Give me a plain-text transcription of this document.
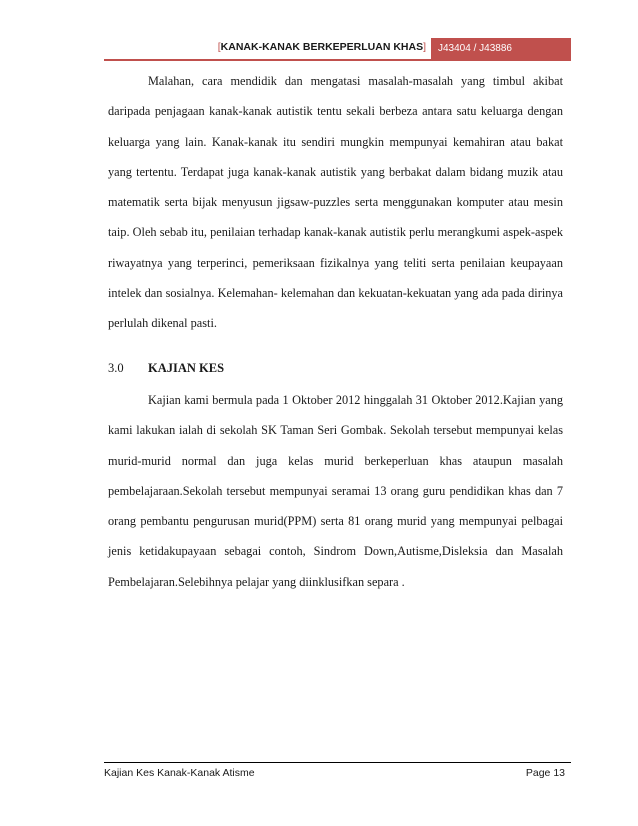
[KANAK-KANAK BERKEPERLUAN KHAS]	J43404 / J43886
Malahan, cara mendidik dan mengatasi masalah-masalah yang timbul akibat daripada penjagaan kanak-kanak autistik tentu sekali berbeza antara satu keluarga dengan keluarga yang lain. Kanak-kanak itu sendiri mungkin mempunyai kemahiran atau bakat yang tertentu. Terdapat juga kanak-kanak autistik yang berbakat dalam bidang muzik atau matematik serta bijak menyusun jigsaw-puzzles serta menggunakan komputer atau mesin taip. Oleh sebab itu, penilaian terhadap kanak-kanak autistik perlu merangkumi aspek-aspek riwayatnya yang terperinci, pemeriksaan fizikalnya yang teliti serta penilaian keupayaan intelek dan sosialnya. Kelemahan- kelemahan dan kekuatan-kekuatan yang ada pada dirinya perlulah dikenal pasti.
3.0 KAJIAN KES
Kajian kami bermula pada 1 Oktober 2012 hinggalah 31 Oktober 2012.Kajian yang kami lakukan ialah di sekolah SK Taman Seri Gombak. Sekolah tersebut mempunyai kelas murid-murid normal dan juga kelas murid berkeperluan khas ataupun masalah pembelajaraan.Sekolah tersebut mempunyai seramai 13 orang guru pendidikan khas dan 7 orang pembantu pengurusan murid(PPM) serta 81 orang murid yang mempunyai pelbagai jenis ketidakupayaan sebagai contoh, Sindrom Down,Autisme,Disleksia dan Masalah Pembelajaran.Selebihnya pelajar yang diinklusifkan separa .
Kajian Kes Kanak-Kanak Atisme	Page 13
